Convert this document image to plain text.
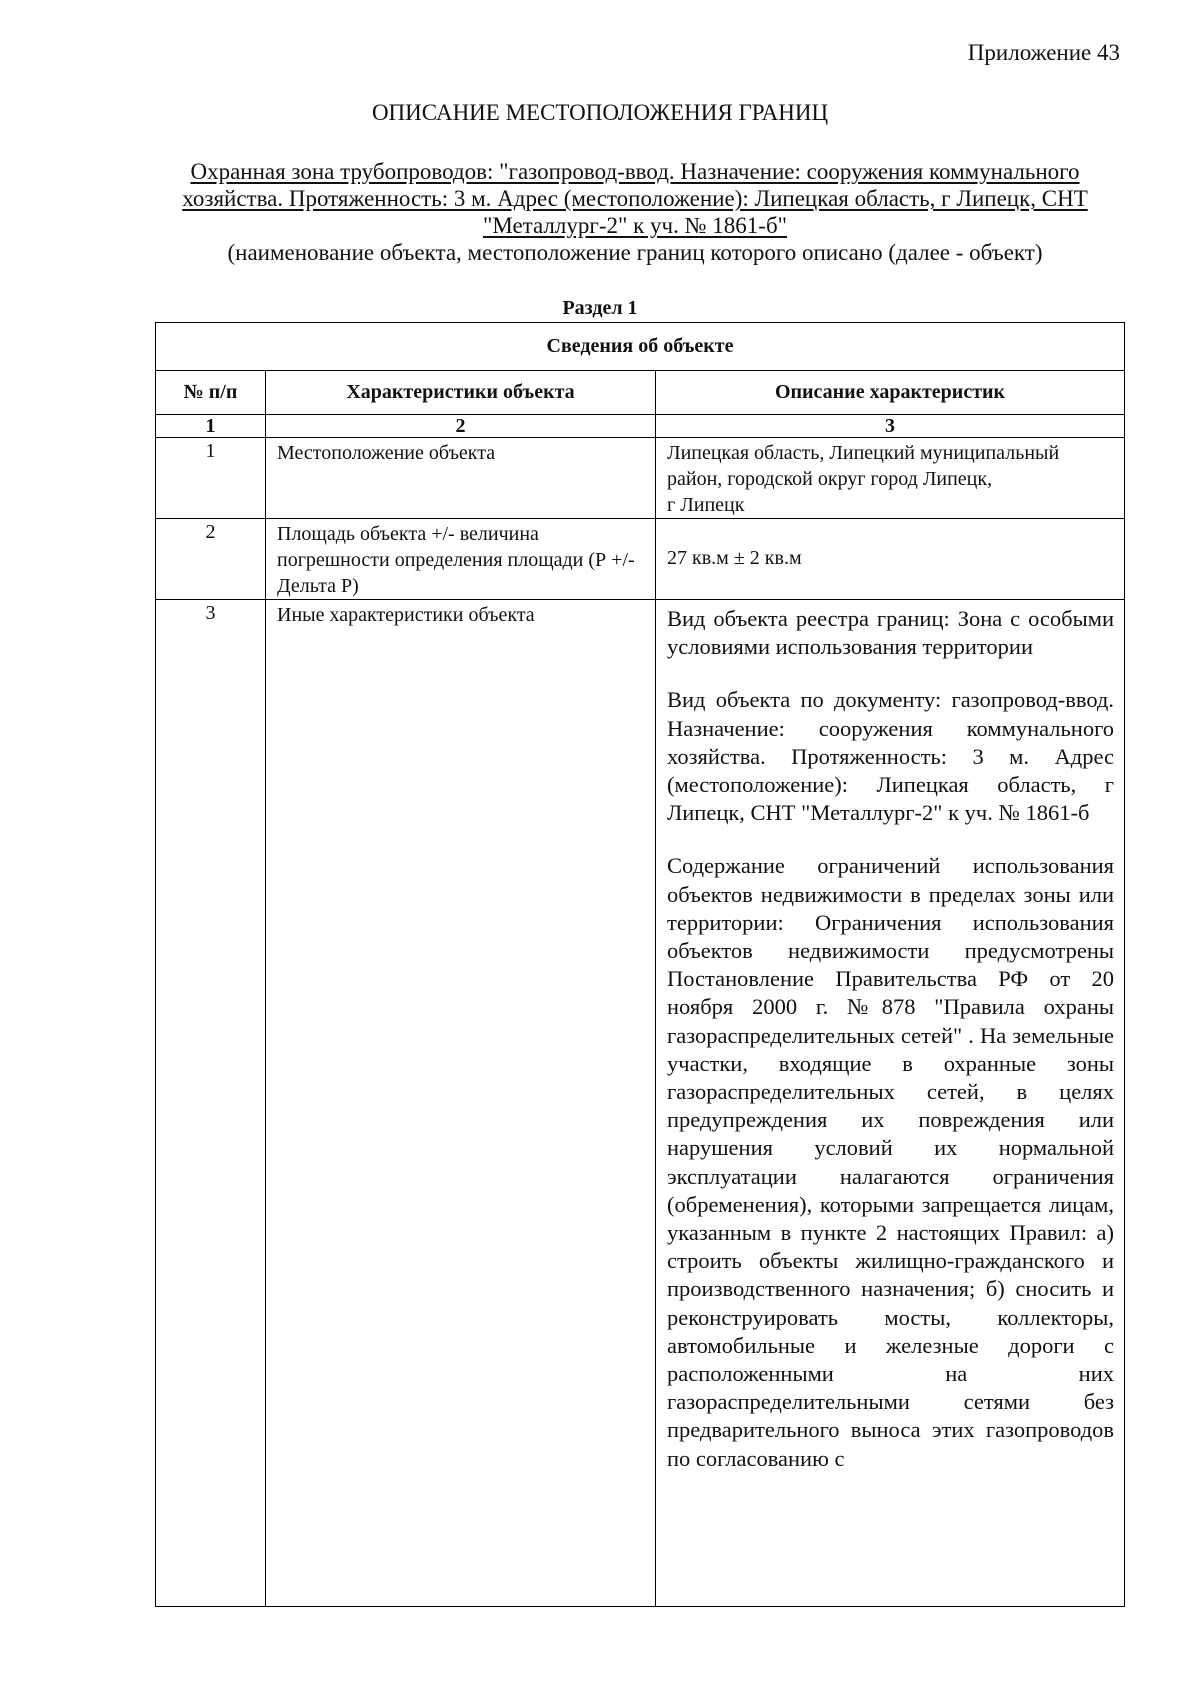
Приложение 43
ОПИСАНИЕ МЕСТОПОЛОЖЕНИЯ ГРАНИЦ
Охранная зона трубопроводов: "газопровод-ввод. Назначение: сооружения коммунального
хозяйства. Протяженность: 3 м. Адрес (местоположение): Липецкая область, г Липецк, СНТ
"Металлург-2" к уч. № 1861-б"
(наименование объекта, местоположение границ которого описано (далее - объект)
Раздел 1
Сведения об объекте		
№ п/п	Характеристики объекта	Описание характеристик
1	2	3
1	Местоположение объекта	Липецкая область, Липецкий муниципальный район, городской округ город Липецк,
г Липецк
2	Площадь объекта +/- величина погрешности определения площади (Р +/- Дельта Р)	27 кв.м ± 2 кв.м

3	Иные характеристики объекта	Вид объекта реестра границ: Зона с особыми условиями использования территории

Вид объекта по документу: газопровод-ввод. Назначение: сооружения коммунального хозяйства. Протяженность: 3 м. Адрес (местоположение): Липецкая область, г Липецк, СНТ "Металлург-2" к уч. № 1861-б

Содержание ограничений использования объектов недвижимости в пределах зоны или территории: Ограничения использования объектов недвижимости предусмотрены Постановление Правительства РФ от 20 ноября 2000 г. №878 "Правила охраны газораспределительных сетей" . На земельные участки, входящие в охранные зоны газораспределительных сетей, в целях предупреждения их повреждения или нарушения условий их нормальной эксплуатации налагаются ограничения (обременения), которыми запрещается лицам, указанным в пункте 2 настоящих Правил: а) строить объекты жилищно-гражданского и производственного назначения; б) сносить и реконструировать мосты, коллекторы, автомобильные и железные дороги с расположенными на них газораспределительными сетями без предварительного выноса этих газопроводов по согласованию с
